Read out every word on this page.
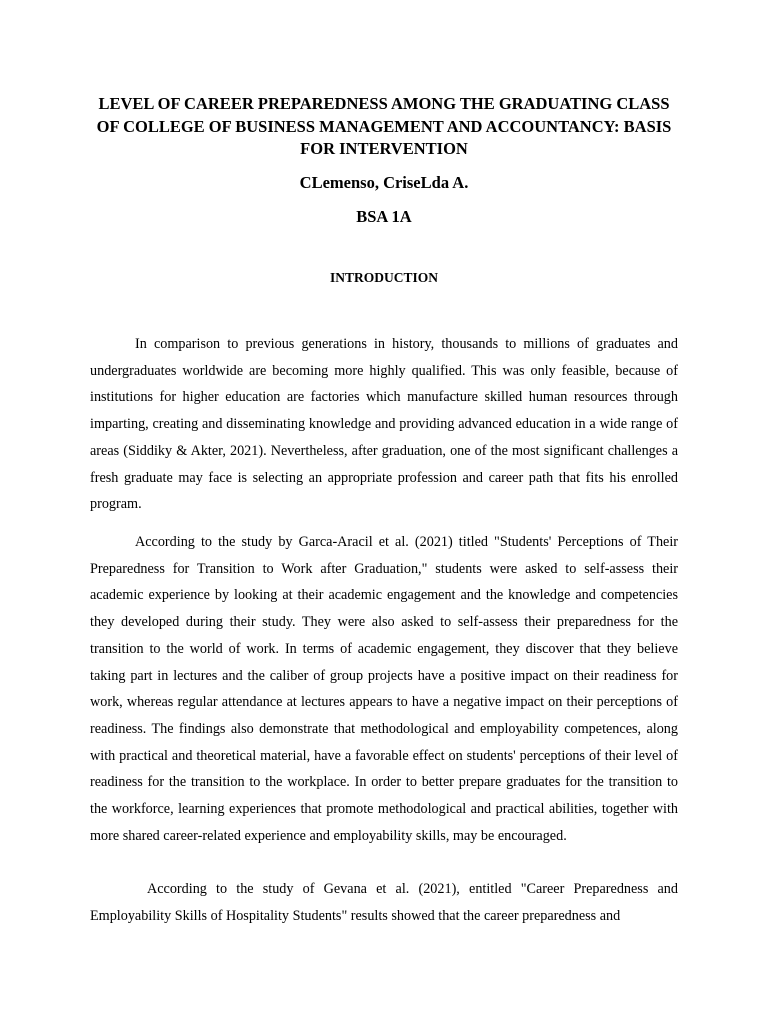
LEVEL OF CAREER PREPAREDNESS AMONG THE GRADUATING CLASS OF COLLEGE OF BUSINESS MANAGEMENT AND ACCOUNTANCY: BASIS FOR INTERVENTION

CLemenso, CriseLda A.

BSA 1A

INTRODUCTION

In comparison to previous generations in history, thousands to millions of graduates and undergraduates worldwide are becoming more highly qualified. This was only feasible, because of institutions for higher education are factories which manufacture skilled human resources through imparting, creating and disseminating knowledge and providing advanced education in a wide range of areas (Siddiky & Akter, 2021). Nevertheless, after graduation, one of the most significant challenges a fresh graduate may face is selecting an appropriate profession and career path that fits his enrolled program.

According to the study by Garca-Aracil et al. (2021) titled "Students' Perceptions of Their Preparedness for Transition to Work after Graduation," students were asked to self-assess their academic experience by looking at their academic engagement and the knowledge and competencies they developed during their study. They were also asked to self-assess their preparedness for the transition to the world of work. In terms of academic engagement, they discover that they believe taking part in lectures and the caliber of group projects have a positive impact on their readiness for work, whereas regular attendance at lectures appears to have a negative impact on their perceptions of readiness. The findings also demonstrate that methodological and employability competences, along with practical and theoretical material, have a favorable effect on students' perceptions of their level of readiness for the transition to the workplace. In order to better prepare graduates for the transition to the workforce, learning experiences that promote methodological and practical abilities, together with more shared career-related experience and employability skills, may be encouraged.

According to the study of Gevana et al. (2021), entitled "Career Preparedness and Employability Skills of Hospitality Students" results showed that the career preparedness and
